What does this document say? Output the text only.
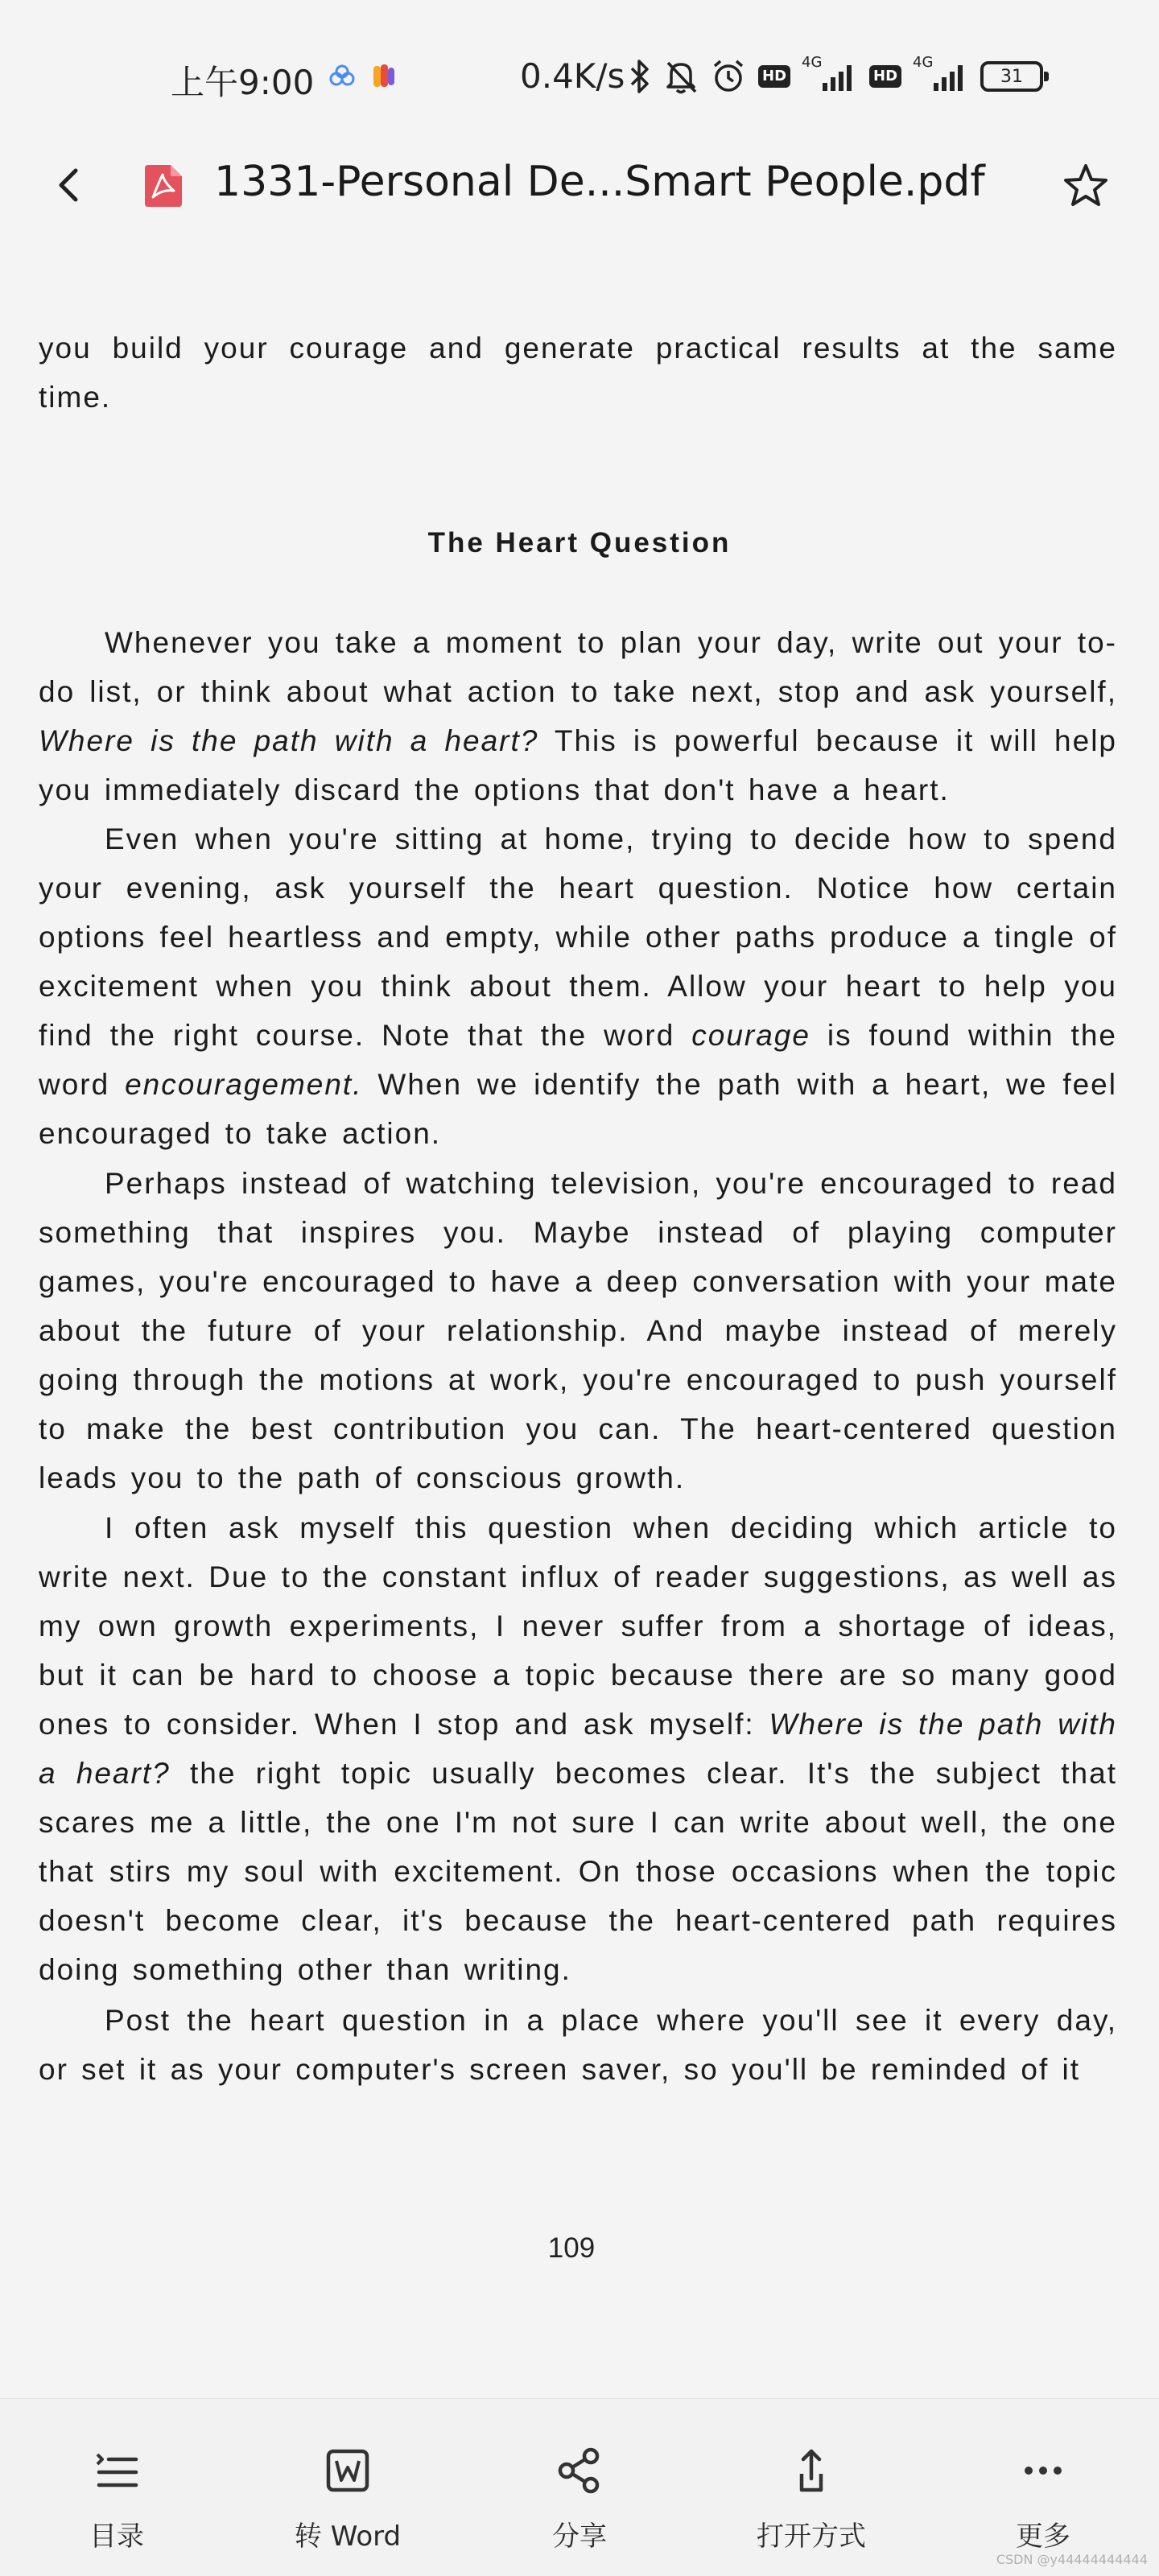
上午9:00	0.4K/s	HD
4G
HD
4G
31
1331-Personal De...Smart People.pdf

you build your courage and generate practical results at the same time.

The Heart Question

Whenever you take a moment to plan your day, write out your to-do list, or think about what action to take next, stop and ask yourself, Where is the path with a heart? This is powerful because it will help you immediately discard the options that don't have a heart.

Even when you're sitting at home, trying to decide how to spend your evening, ask yourself the heart question. Notice how certain options feel heartless and empty, while other paths produce a tingle of excitement when you think about them. Allow your heart to help you find the right course. Note that the word courage is found within the word encouragement. When we identify the path with a heart, we feel encouraged to take action.

Perhaps instead of watching television, you're encouraged to read something that inspires you. Maybe instead of playing computer games, you're encouraged to have a deep conversation with your mate about the future of your relationship. And maybe instead of merely going through the motions at work, you're encouraged to push yourself to make the best contribution you can. The heart-centered question leads you to the path of conscious growth.

I often ask myself this question when deciding which article to write next. Due to the constant influx of reader suggestions, as well as my own growth experiments, I never suffer from a shortage of ideas, but it can be hard to choose a topic because there are so many good ones to consider. When I stop and ask myself: Where is the path with a heart? the right topic usually becomes clear. It's the subject that scares me a little, the one I'm not sure I can write about well, the one that stirs my soul with excitement. On those occasions when the topic doesn't become clear, it's because the heart-centered path requires doing something other than writing.

Post the heart question in a place where you'll see it every day, or set it as your computer's screen saver, so you'll be reminded of it

109
目录	转 Word	分享	打开方式	更多
CSDN @y44444444444
